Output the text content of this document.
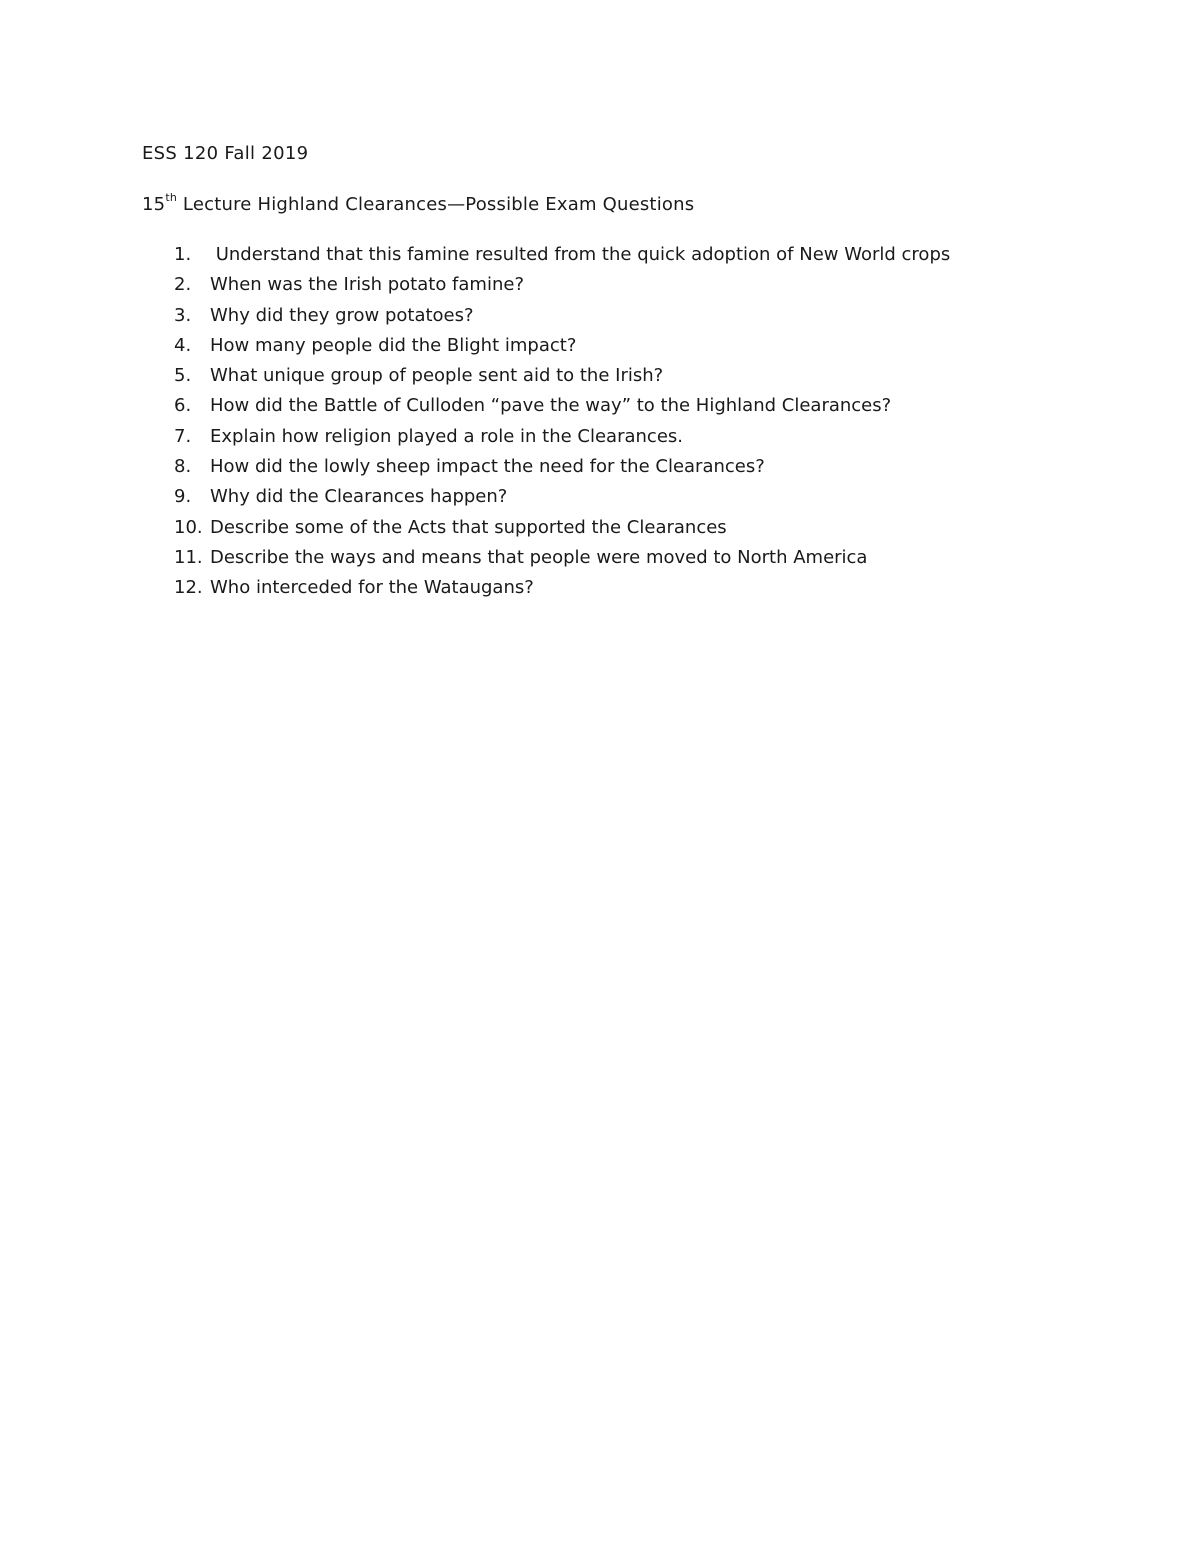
ESS 120 Fall 2019
15th Lecture Highland Clearances—Possible Exam Questions
1.	Understand that this famine resulted from the quick adoption of New World crops
2.	When was the Irish potato famine?
3.	Why did they grow potatoes?
4.	How many people did the Blight impact?
5.	What unique group of people sent aid to the Irish?
6.	How did the Battle of Culloden “pave the way” to the Highland Clearances?
7.	Explain how religion played a role in the Clearances.
8.	How did the lowly sheep impact the need for the Clearances?
9.	Why did the Clearances happen?
10. Describe some of the Acts that supported the Clearances
11. Describe the ways and means that people were moved to North America
12. Who interceded for the Wataugans?
